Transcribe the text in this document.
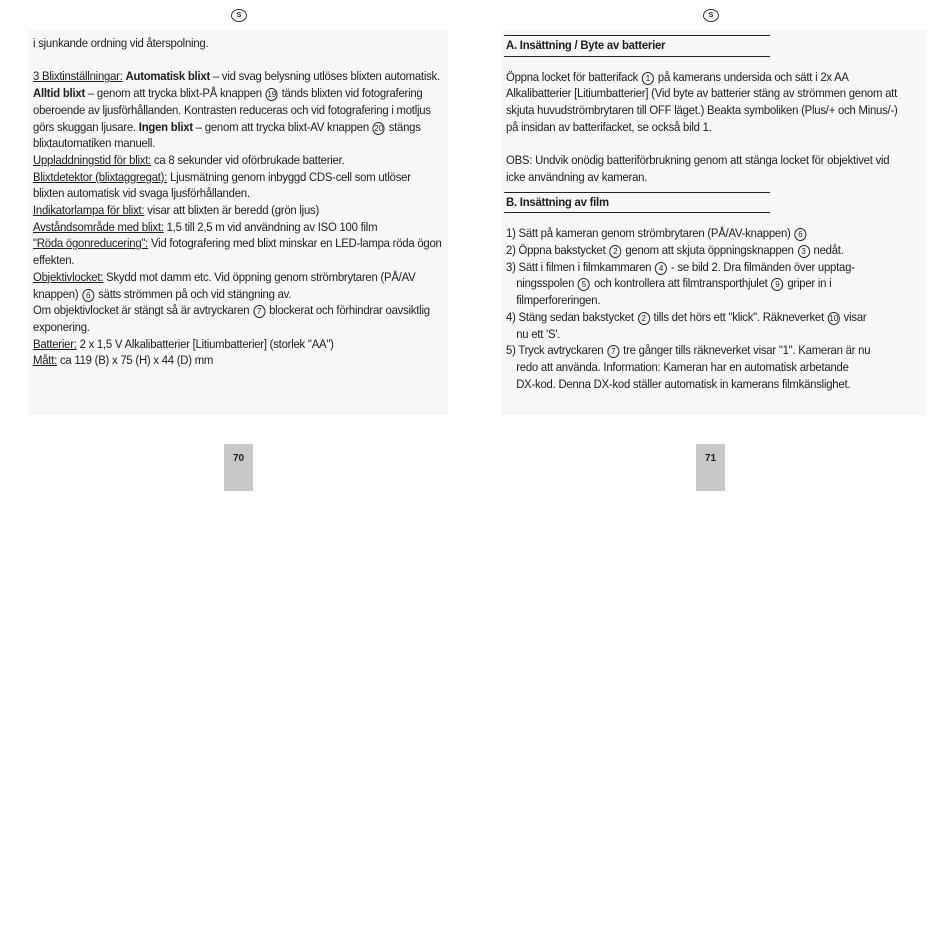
S

i sjunkande ordning vid återspolning.

3 Blixtinställningar: Automatisk blixt – vid svag belysning utlöses blixten automatisk. Alltid blixt – genom att trycka blixt-PÅ knappen 19 tänds blixten vid fotografering oberoende av ljusförhållanden. Kontrasten reduceras och vid fotografering i motljus görs skuggan ljusare. Ingen blixt – genom att trycka blixt-AV knappen 20 stängs blixtautomatiken manuell.

Uppladdningstid för blixt: ca 8 sekunder vid oförbrukade batterier.

Blixtdetektor (blixtaggregat): Ljusmätning genom inbyggd CDS-cell som utlöser blixten automatisk vid svaga ljusförhållanden.

Indikatorlampa för blixt: visar att blixten är beredd (grön ljus)

Avståndsområde med blixt: 1,5 till 2,5 m vid användning av ISO 100 film

"Röda ögonreducering": Vid fotografering med blixt minskar en LED-lampa röda ögon effekten.

Objektivlocket: Skydd mot damm etc. Vid öppning genom strömbrytaren (PÅ/AV knappen) 6 sätts strömmen på och vid stängning av.

Om objektivlocket är stängt så är avtryckaren 7 blockerat och förhindrar oavsiktlig exponering.

Batterier: 2 x 1,5 V Alkalibatterier [Litiumbatterier] (storlek "AA")

Mått: ca 119 (B) x 75 (H) x 44 (D) mm

70
S
A. Insättning / Byte av batterier

Öppna locket för batterifack 1 på kamerans undersida och sätt i 2x AA Alkalibatterier [Litiumbatterier] (Vid byte av batterier stäng av strömmen genom att skjuta huvudströmbrytaren till OFF läget.) Beakta symboliken (Plus/+ och Minus/-) på insidan av batterifacket, se också bild 1.

OBS: Undvik onödig batteriförbrukning genom att stänga locket för objektivet vid icke användning av kameran.

B. Insättning av film

1) Sätt på kameran genom strömbrytaren (PÅ/AV-knappen) 6

2) Öppna bakstycket 2 genom att skjuta öppningsknappen 3 nedåt.

3) Sätt i filmen i filmkammaren 4 - se bild 2. Dra filmänden över upptag-

ningsspolen 5 och kontrollera att filmtransporthjulet 9 griper in i

filmperforeringen.

4) Stäng sedan bakstycket 2 tills det hörs ett "klick". Räkneverket 10 visar

nu ett 'S'.

5) Tryck avtryckaren 7 tre gånger tills räkneverket visar "1". Kameran är nu

redo att använda. Information: Kameran har en automatisk arbetande

DX-kod. Denna DX-kod ställer automatisk in kamerans filmkänslighet.

71
